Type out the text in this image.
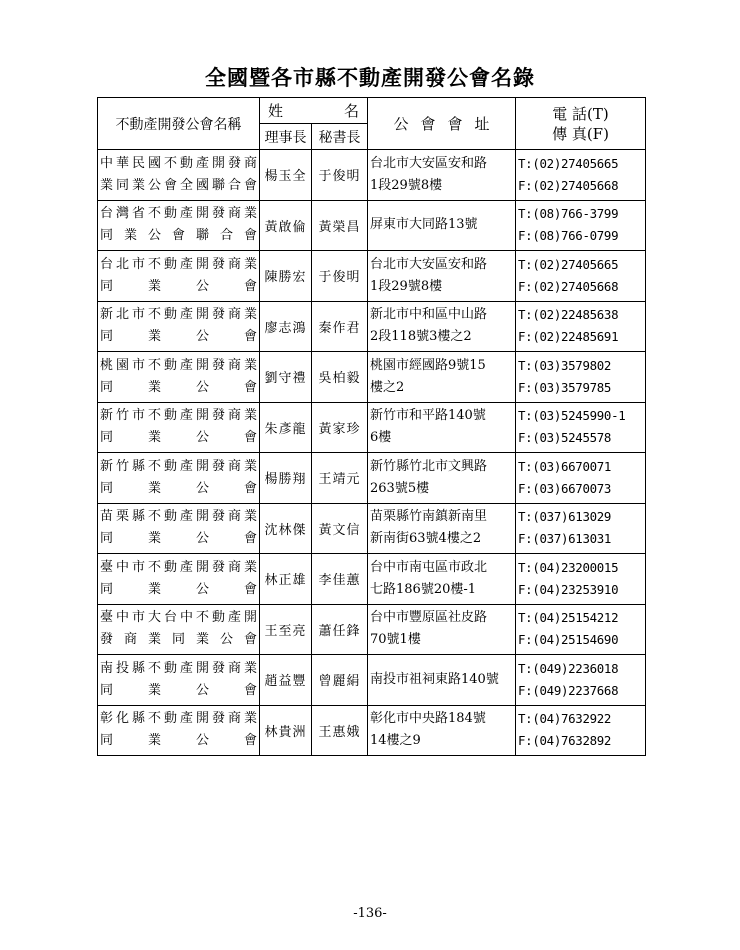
全國暨各市縣不動產開發公會名錄
不動產開發公會名稱	姓　名		公會會址	電 話(T)
傳 真(F)

	理事長	秘書長		

中華民國不動產開發商
業同業公會全國聯合會	楊玉全	于俊明	台北市大安區安和路
1段29號8樓	T:(02)27405665
F:(02)27405668

台灣省不動產開發商業
同業公會聯合會	黃啟倫	黃榮昌	屏東市大同路13號	T:(08)766-3799
F:(08)766-0799

台北市不動產開發商業
同業公會	陳勝宏	于俊明	台北市大安區安和路
1段29號8樓	T:(02)27405665
F:(02)27405668

新北市不動產開發商業
同業公會	廖志鴻	秦作君	新北市中和區中山路
2段118號3樓之2	T:(02)22485638
F:(02)22485691

桃園市不動產開發商業
同業公會	劉守禮	吳柏毅	桃園市經國路9號15
樓之2	T:(03)3579802
F:(03)3579785

新竹市不動產開發商業
同業公會	朱彥龍	黃家珍	新竹市和平路140號
6樓	T:(03)5245990-1
F:(03)5245578

新竹縣不動產開發商業
同業公會	楊勝翔	王靖元	新竹縣竹北市文興路
263號5樓	T:(03)6670071
F:(03)6670073

苗栗縣不動產開發商業
同業公會	沈林傑	黃文信	苗栗縣竹南鎮新南里
新南街63號4樓之2	T:(037)613029
F:(037)613031

臺中市不動產開發商業
同業公會	林正雄	李佳蕙	台中市南屯區市政北
七路186號20樓-1	T:(04)23200015
F:(04)23253910

臺中市大台中不動產開
發商業同業公會	王至亮	蕭任鋒	台中市豐原區社皮路
70號1樓	T:(04)25154212
F:(04)25154690

南投縣不動產開發商業
同業公會	趙益豐	曾麗絹	南投市祖祠東路140號	T:(049)2236018
F:(049)2237668

彰化縣不動產開發商業
同業公會	林貴洲	王惠娥	彰化市中央路184號
14樓之9	T:(04)7632922
F:(04)7632892
-136-
